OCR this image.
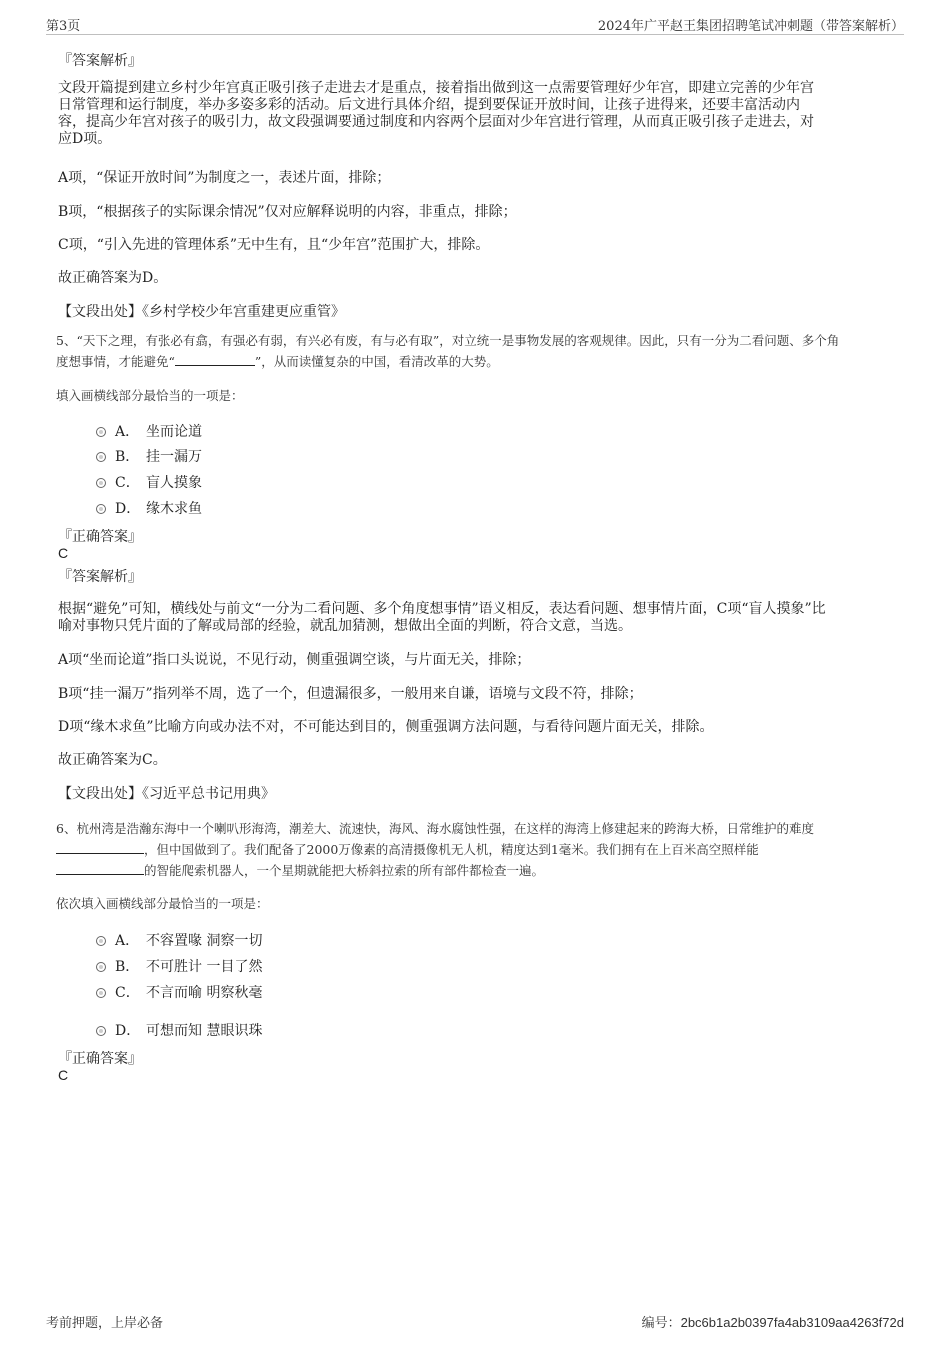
第3页	2024年广平赵王集团招聘笔试冲刺题（带答案解析）
『答案解析』
文段开篇提到建立乡村少年宫真正吸引孩子走进去才是重点，接着指出做到这一点需要管理好少年宫，即建立完善的少年宫
日常管理和运行制度，举办多姿多彩的活动。后文进行具体介绍，提到要保证开放时间，让孩子进得来，还要丰富活动内
容，提高少年宫对孩子的吸引力，故文段强调要通过制度和内容两个层面对少年宫进行管理，从而真正吸引孩子走进去，对
应D项。
A项，“保证开放时间”为制度之一，表述片面，排除；
B项，“根据孩子的实际课余情况”仅对应解释说明的内容，非重点，排除；
C项，“引入先进的管理体系”无中生有，且“少年宫”范围扩大，排除。
故正确答案为D。
【文段出处】《乡村学校少年宫重建更应重管》
5、“天下之理，有张必有翕，有强必有弱，有兴必有废，有与必有取”，对立统一是事物发展的客观规律。因此，只有一分为二看问题、多个角
度想事情，才能避免“	”，从而读懂复杂的中国，看清改革的大势。
填入画横线部分最恰当的一项是：
A． 坐而论道
B． 挂一漏万
C． 盲人摸象
D． 缘木求鱼
『正确答案』
C
『答案解析』
根据“避免”可知，横线处与前文“一分为二看问题、多个角度想事情”语义相反，表达看问题、想事情片面，C项“盲人摸象”比
喻对事物只凭片面的了解或局部的经验，就乱加猜测，想做出全面的判断，符合文意，当选。
A项“坐而论道”指口头说说，不见行动，侧重强调空谈，与片面无关，排除；
B项“挂一漏万”指列举不周，选了一个，但遗漏很多，一般用来自谦，语境与文段不符，排除；
D项“缘木求鱼”比喻方向或办法不对，不可能达到目的，侧重强调方法问题，与看待问题片面无关，排除。
故正确答案为C。
【文段出处】《习近平总书记用典》
6、杭州湾是浩瀚东海中一个喇叭形海湾，潮差大、流速快，海风、海水腐蚀性强，在这样的海湾上修建起来的跨海大桥，日常维护的难度
，但中国做到了。我们配备了2000万像素的高清摄像机无人机，精度达到1毫米。我们拥有在上百米高空照样能
的智能爬索机器人，一个星期就能把大桥斜拉索的所有部件都检查一遍。
依次填入画横线部分最恰当的一项是：
A． 不容置喙 洞察一切
B． 不可胜计 一目了然
C． 不言而喻 明察秋毫
D． 可想而知 慧眼识珠
『正确答案』
C
考前押题，上岸必备	编号：2bc6b1a2b0397fa4ab3109aa4263f72d
